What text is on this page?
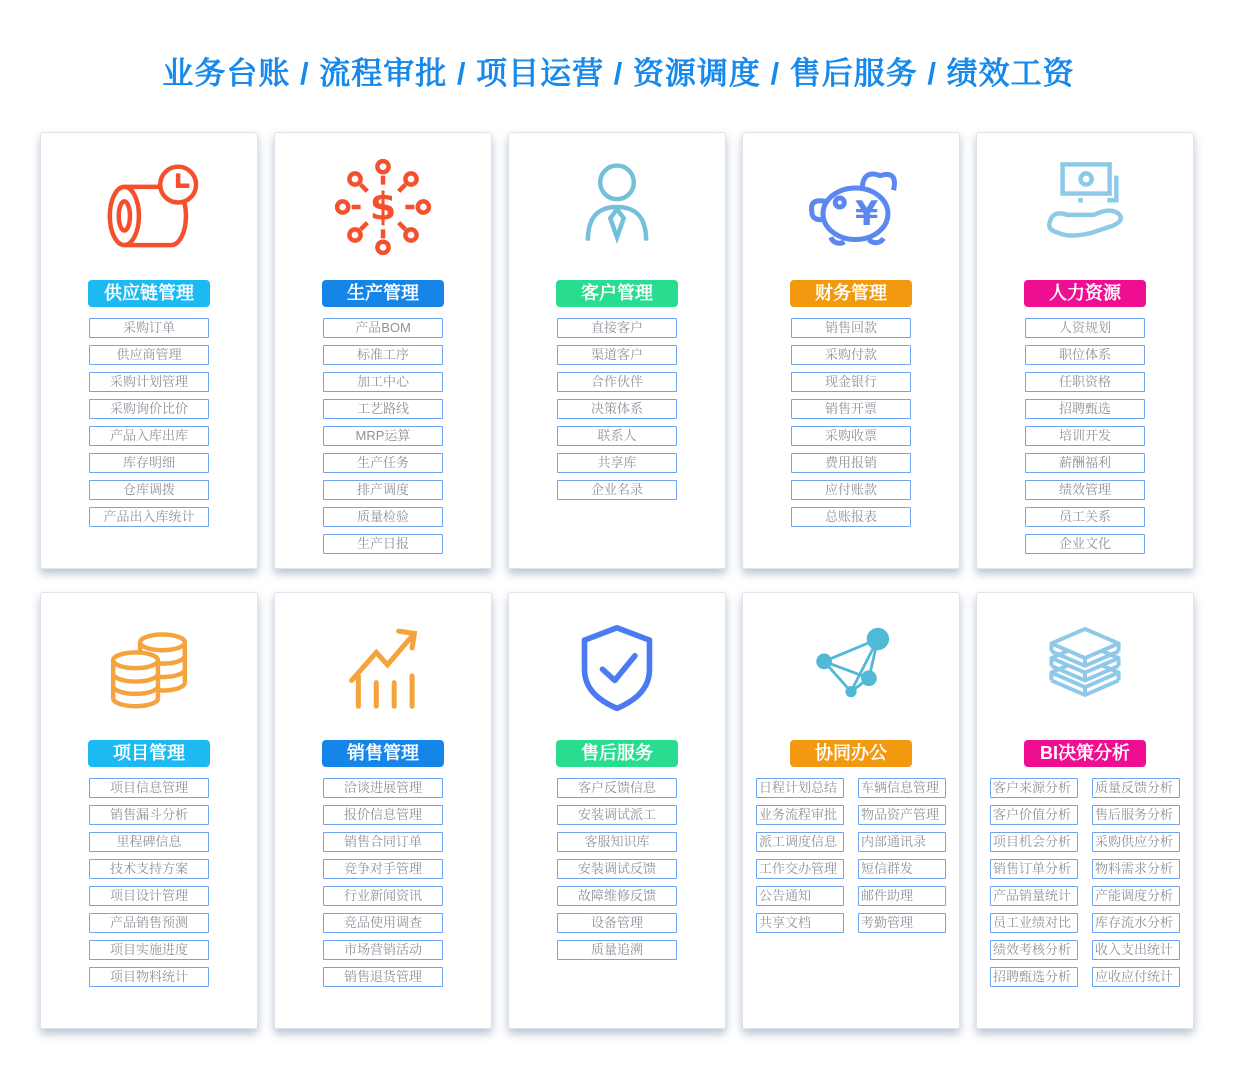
业务台账 / 流程审批 / 项目运营 / 资源调度 / 售后服务 / 绩效工资
供应链管理
采购订单
供应商管理
采购计划管理
采购询价比价
产品入库出库
库存明细
仓库调拨
产品出入库统计
$
生产管理
产品BOM
标准工序
加工中心
工艺路线
MRP运算
生产任务
排产调度
质量检验
生产日报
客户管理
直接客户
渠道客户
合作伙伴
决策体系
联系人
共享库
企业名录
¥
财务管理
销售回款
采购付款
现金银行
销售开票
采购收票
费用报销
应付账款
总账报表
人力资源
人资规划
职位体系
任职资格
招聘甄选
培训开发
薪酬福利
绩效管理
员工关系
企业文化
项目管理
项目信息管理
销售漏斗分析
里程碑信息
技术支持方案
项目设计管理
产品销售预测
项目实施进度
项目物料统计
销售管理
洽谈进展管理
报价信息管理
销售合同订单
竞争对手管理
行业新闻资讯
竞品使用调查
市场营销活动
销售退货管理
售后服务
客户反馈信息
安装调试派工
客服知识库
安装调试反馈
故障维修反馈
设备管理
质量追溯
协同办公
日程计划总结	车辆信息管理
业务流程审批	物品资产管理
派工调度信息	内部通讯录
工作交办管理	短信群发
公告通知	邮件助理
共享文档	考勤管理
BI决策分析
客户来源分析	质量反馈分析
客户价值分析	售后服务分析
项目机会分析	采购供应分析
销售订单分析	物料需求分析
产品销量统计	产能调度分析
员工业绩对比	库存流水分析
绩效考核分析	收入支出统计
招聘甄选分析	应收应付统计
